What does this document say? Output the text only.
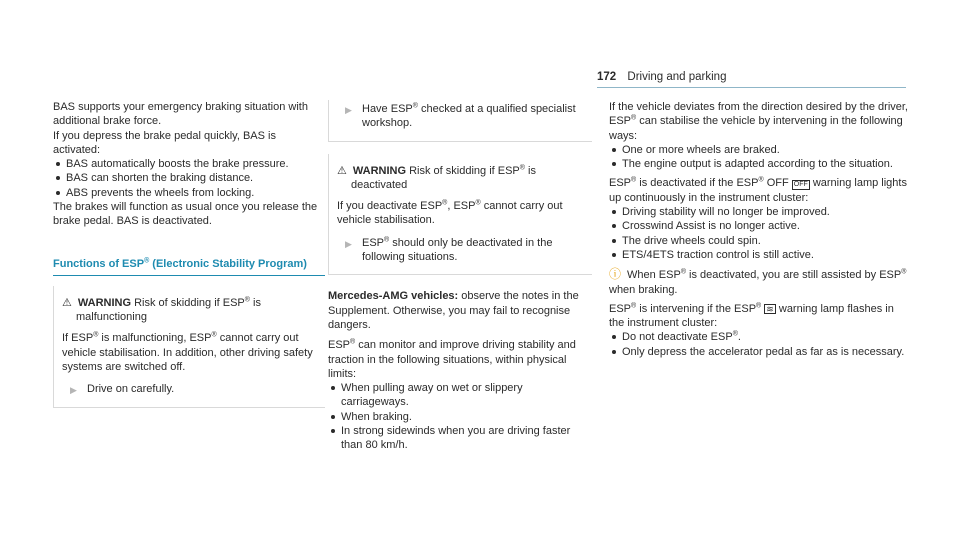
172 Driving and parking

BAS supports your emergency braking situation with additional brake force.

If you depress the brake pedal quickly, BAS is activated:

BAS automatically boosts the brake pressure.
BAS can shorten the braking distance.
ABS prevents the wheels from locking.

The brakes will function as usual once you release the brake pedal. BAS is deactivated.

Functions of ESP® (Electronic Stability Program)
⚠ WARNING Risk of skidding if ESP® is
malfunctioning
If ESP® is malfunctioning, ESP® cannot carry out vehicle stabilisation. In addition, other driving safety systems are switched off.
▶ Drive on carefully.
▶ Have ESP® checked at a qualified specialist workshop.
⚠ WARNING Risk of skidding if ESP® is
deactivated
If you deactivate ESP®, ESP® cannot carry out vehicle stabilisation.
▶ ESP® should only be deactivated in the following situations.

Mercedes-AMG vehicles: observe the notes in the Supplement. Otherwise, you may fail to recognise dangers.

ESP® can monitor and improve driving stability and traction in the following situations, within physical limits:

When pulling away on wet or slippery carriageways.
When braking.
In strong sidewinds when you are driving faster than 80 km/h.

If the vehicle deviates from the direction desired by the driver, ESP® can stabilise the vehicle by intervening in the following ways:

One or more wheels are braked.
The engine output is adapted according to the situation.

ESP® is deactivated if the ESP® OFF OFF warning lamp lights up continuously in the instrument cluster:

Driving stability will no longer be improved.
Crosswind Assist is no longer active.
The drive wheels could spin.
ETS/4ETS traction control is still active.

ⓘ When ESP® is deactivated, you are still assisted by ESP® when braking.

ESP® is intervening if the ESP® ≋ warning lamp flashes in the instrument cluster:

Do not deactivate ESP®.
Only depress the accelerator pedal as far as is necessary.
